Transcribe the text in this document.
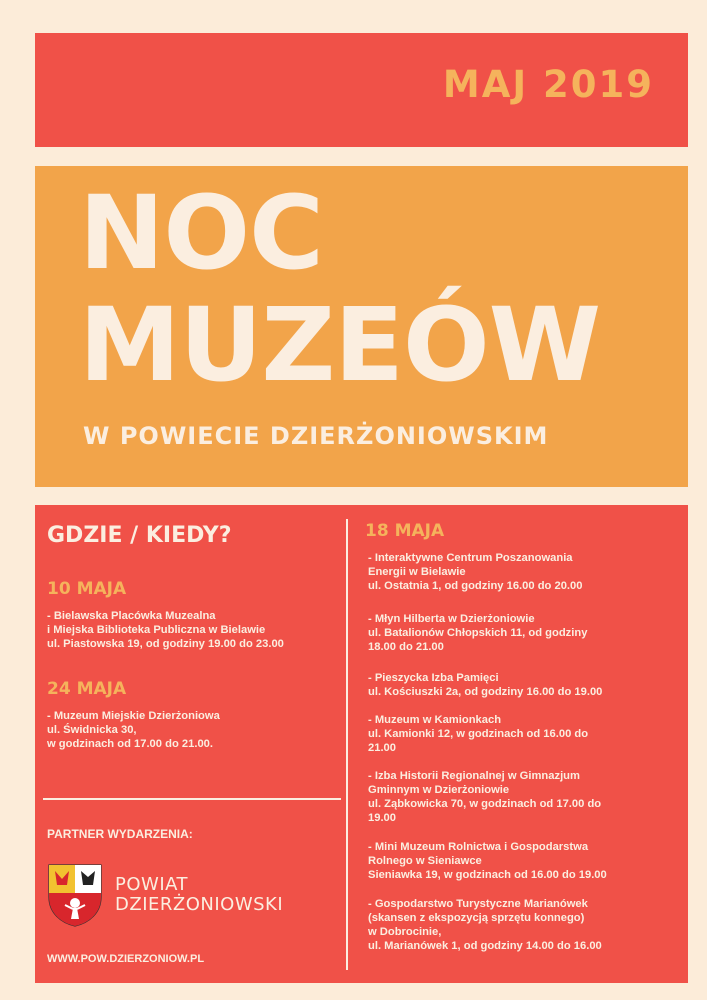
MAJ 2019
NOC
MUZEÓW
W POWIECIE DZIERŻONIOWSKIM
GDZIE / KIEDY?
10 MAJA
- Bielawska Placówka Muzealna
i Miejska Biblioteka Publiczna w Bielawie
ul. Piastowska 19, od godziny 19.00 do 23.00
24 MAJA
- Muzeum Miejskie Dzierżoniowa
ul. Świdnicka 30,
w godzinach od 17.00 do 21.00.
18 MAJA
- Interaktywne Centrum Poszanowania
Energii w Bielawie
ul. Ostatnia 1, od godziny 16.00 do 20.00
- Młyn Hilberta w Dzierżoniowie
ul. Batalionów Chłopskich 11, od godziny
18.00 do 21.00
- Pieszycka Izba Pamięci
ul. Kościuszki 2a, od godziny 16.00 do 19.00
- Muzeum w Kamionkach
ul. Kamionki 12, w godzinach od 16.00 do
21.00
- Izba Historii Regionalnej w Gimnazjum
Gminnym w Dzierżoniowie
ul. Ząbkowicka 70, w godzinach od 17.00 do
19.00
- Mini Muzeum Rolnictwa i Gospodarstwa
Rolnego w Sieniawce
Sieniawka 19, w godzinach od 16.00 do 19.00
- Gospodarstwo Turystyczne Marianówek
(skansen z ekspozycją sprzętu konnego)
w Dobrocinie,
ul. Marianówek 1, od godziny 14.00 do 16.00
PARTNER WYDARZENIA:
POWIAT
DZIERŻONIOWSKI
WWW.POW.DZIERZONIOW.PL
